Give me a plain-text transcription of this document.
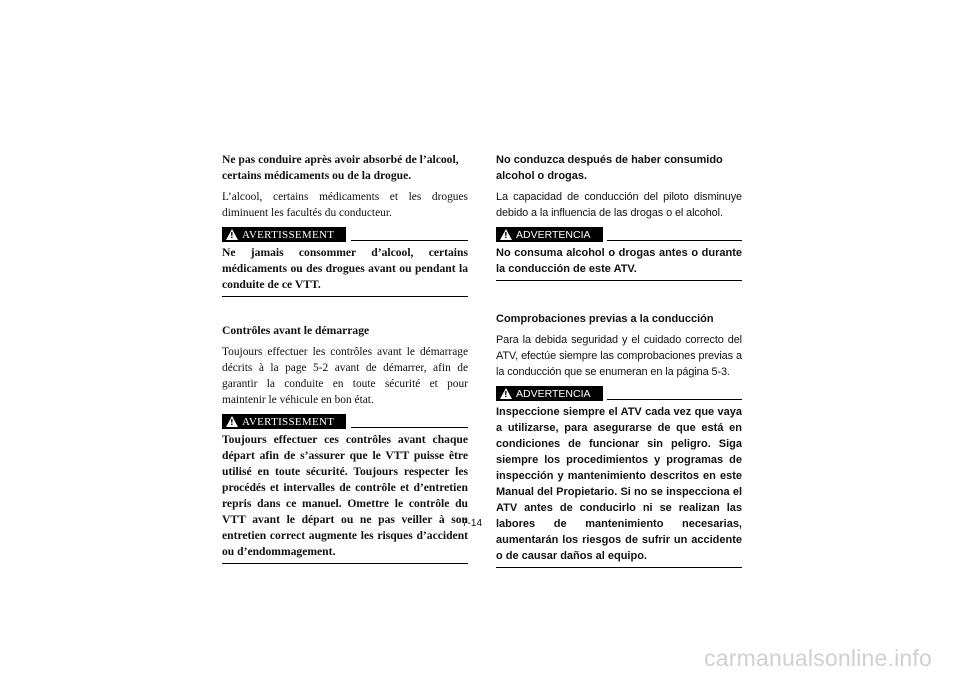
Ne pas conduire après avoir absorbé de l’alcool, certains médicaments ou de la drogue.

L’alcool, certains médicaments et les drogues diminuent les facultés du conducteur.

! AVERTISSEMENT
Ne jamais consommer d’alcool, certains médicaments ou des drogues avant ou pendant la conduite de ce VTT.

Contrôles avant le démarrage

Toujours effectuer les contrôles avant le démarrage décrits à la page 5-2 avant de démarrer, afin de garantir la conduite en toute sécurité et pour maintenir le véhicule en bon état.

! AVERTISSEMENT
Toujours effectuer ces contrôles avant chaque départ afin de s’assurer que le VTT puisse être utilisé en toute sécurité. Toujours respecter les procédés et intervalles de contrôle et d’entretien repris dans ce manuel. Omettre le contrôle du VTT avant le départ ou ne pas veiller à son entretien correct augmente les risques d’accident ou d’endommagement.

No conduzca después de haber consumido alcohol o drogas.

La capacidad de conducción del piloto disminuye debido a la influencia de las drogas o el alcohol.

! ADVERTENCIA
No consuma alcohol o drogas antes o durante la conducción de este ATV.

Comprobaciones previas a la conducción

Para la debida seguridad y el cuidado correcto del ATV, efectúe siempre las comprobaciones previas a la conducción que se enumeran en la página 5-3.

! ADVERTENCIA
Inspeccione siempre el ATV cada vez que vaya a utilizarse, para asegurarse de que está en condiciones de funcionar sin peligro. Siga siempre los procedimientos y programas de inspección y mantenimiento descritos en este Manual del Propietario. Si no se inspecciona el ATV antes de conducirlo ni se realizan las labores de mantenimiento necesarias, aumentarán los riesgos de sufrir un accidente o de causar daños al equipo.
7-14
carmanualsonline.info
